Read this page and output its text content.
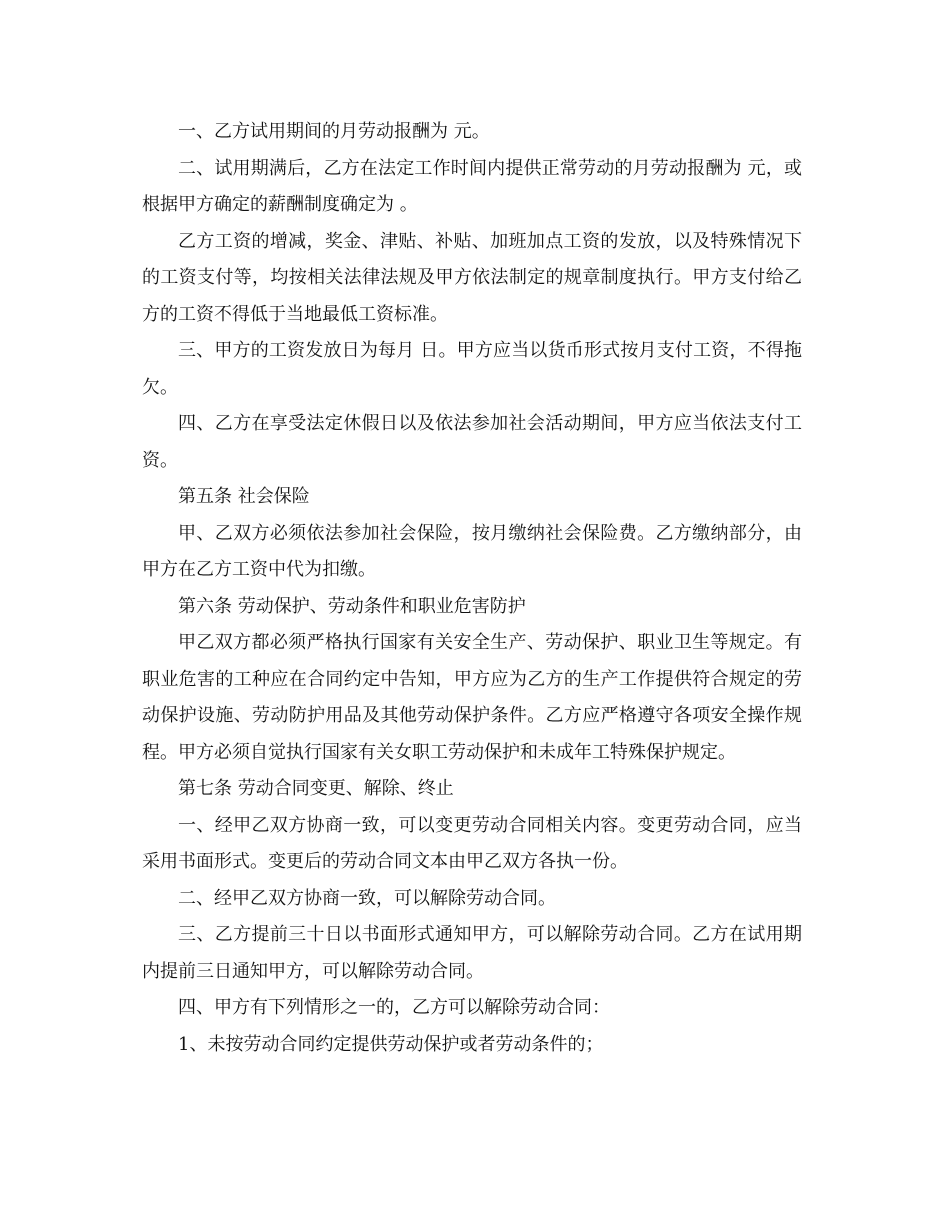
一、乙方试用期间的月劳动报酬为 元。

二、试用期满后，乙方在法定工作时间内提供正常劳动的月劳动报酬为 元，或根据甲方确定的薪酬制度确定为 。

乙方工资的增减，奖金、津贴、补贴、加班加点工资的发放，以及特殊情况下的工资支付等，均按相关法律法规及甲方依法制定的规章制度执行。甲方支付给乙方的工资不得低于当地最低工资标准。

三、甲方的工资发放日为每月 日。甲方应当以货币形式按月支付工资，不得拖欠。

四、乙方在享受法定休假日以及依法参加社会活动期间，甲方应当依法支付工资。

第五条 社会保险

甲、乙双方必须依法参加社会保险，按月缴纳社会保险费。乙方缴纳部分，由甲方在乙方工资中代为扣缴。

第六条 劳动保护、劳动条件和职业危害防护

甲乙双方都必须严格执行国家有关安全生产、劳动保护、职业卫生等规定。有职业危害的工种应在合同约定中告知，甲方应为乙方的生产工作提供符合规定的劳动保护设施、劳动防护用品及其他劳动保护条件。乙方应严格遵守各项安全操作规程。甲方必须自觉执行国家有关女职工劳动保护和未成年工特殊保护规定。

第七条 劳动合同变更、解除、终止

一、经甲乙双方协商一致，可以变更劳动合同相关内容。变更劳动合同，应当采用书面形式。变更后的劳动合同文本由甲乙双方各执一份。

二、经甲乙双方协商一致，可以解除劳动合同。

三、乙方提前三十日以书面形式通知甲方，可以解除劳动合同。乙方在试用期内提前三日通知甲方，可以解除劳动合同。

四、甲方有下列情形之一的，乙方可以解除劳动合同：

1、未按劳动合同约定提供劳动保护或者劳动条件的；
